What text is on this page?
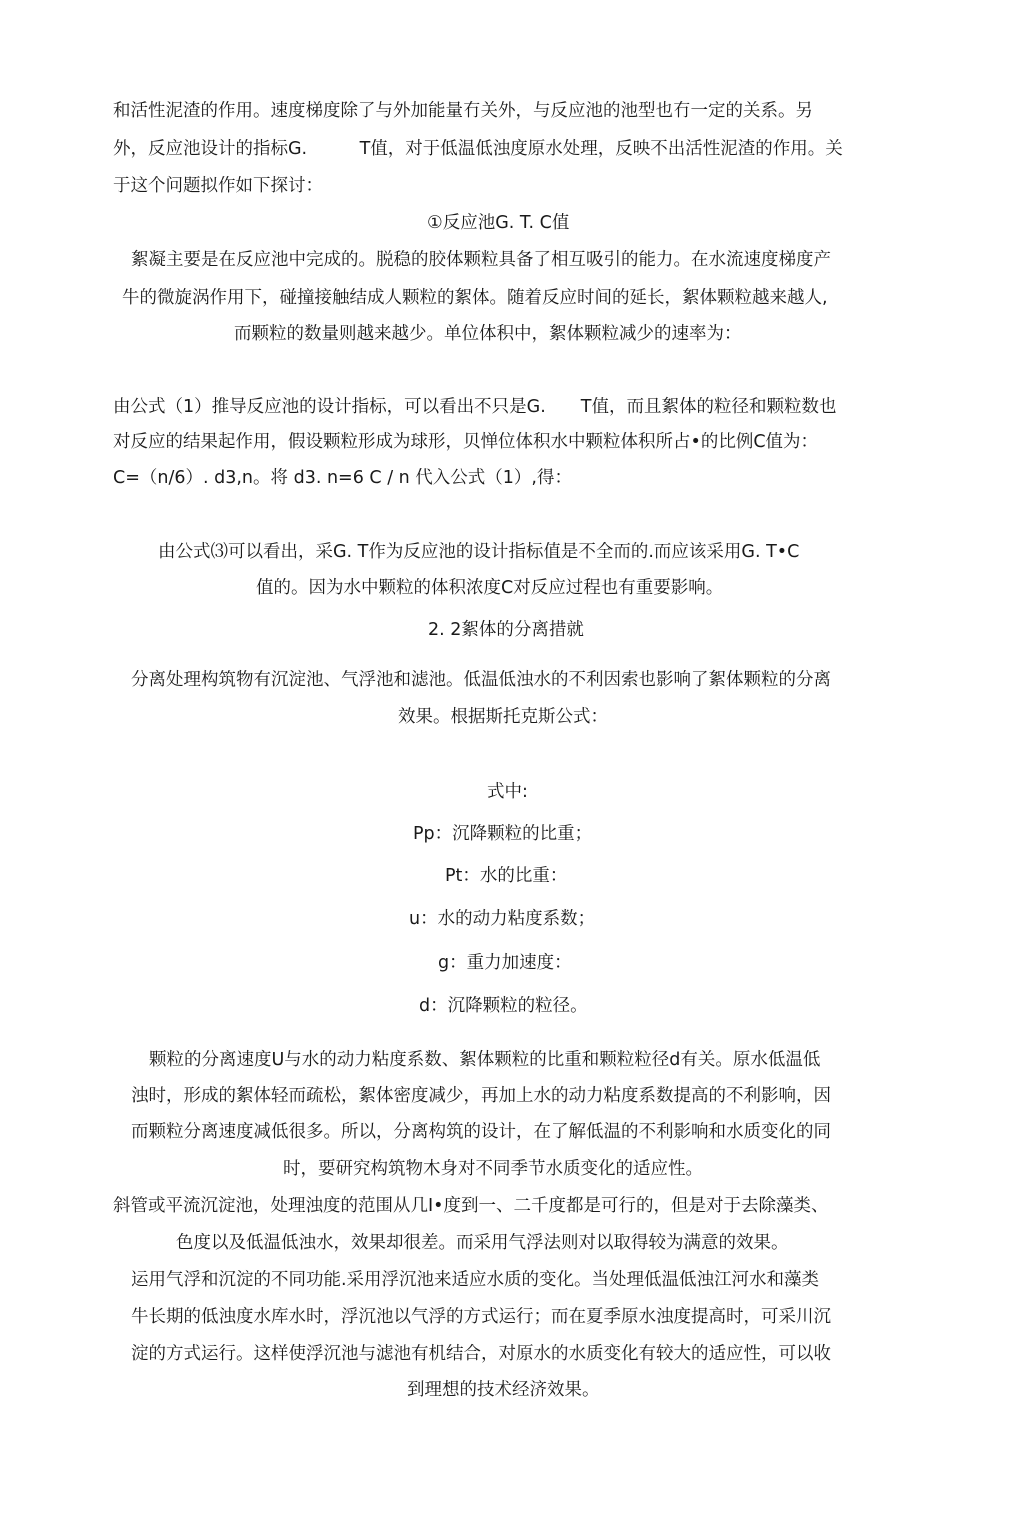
和活性泥渣的作用。速度梯度除了与外加能量冇关外，与反应池的池型也冇一定的关系。另
外，反应池设计的指标G.　　　T值，对于低温低浊度原水处理，反映不出活性泥渣的作用。关
于这个问题拟作如下探讨：
①反应池G. T. C值
絮凝主要是在反应池中完成的。脱稳的胶体颗粒具备了相互吸引的能力。在水流速度梯度产
牛的微旋涡作用下，碰撞接触结成人颗粒的絮体。随着反应时间的延长，絮体颗粒越来越人,
而颗粒的数量则越来越少。单位体积中，絮体颗粒减少的速率为：
由公式（1）推导反应池的设计指标，可以看出不只是G.　　T值，而且絮体的粒径和颗粒数也
对反应的结果起作用，假设颗粒形成为球形，贝惮位体积水中颗粒体积所占•的比例C值为：
C=（n/6）. d3,n。将 d3. n=6 C / n 代入公式（1）,得：
由公式⑶可以看出，采G. T作为反应池的设计指标值是不全而的.而应该采用G. T•C
值的。因为水中颗粒的体积浓度C对反应过程也有重要影响。
2. 2絮体的分离措就
分离处理构筑物有沉淀池、气浮池和滤池。低温低浊水的不利因索也影响了絮体颗粒的分离
效果。根据斯托克斯公式：
式中:
Pp：沉降颗粒的比重；
Pt：水的比重：
u：水的动力粘度系数；
g：重力加速度：
d：沉降颗粒的粒径。
颗粒的分离速度U与水的动力粘度系数、絮体颗粒的比重和颗粒粒径d有关。原水低温低
浊时，形成的絮体轻而疏松，絮体密度减少，再加上水的动力粘度系数提高的不利影响，因
而颗粒分离速度减低很多。所以，分离构筑的设计，在了解低温的不利影响和水质变化的同
时，要研究构筑物木身对不同季节水质变化的适应性。
斜管或平流沉淀池，处理浊度的范围从几I•度到一、二千度都是可行的，但是对于去除藻类、
色度以及低温低浊水，效果却很差。而采用气浮法则对以取得较为满意的效果。
运用气浮和沉淀的不同功能.采用浮沉池来适应水质的变化。当处理低温低浊江河水和藻类
牛长期的低浊度水库水时，浮沉池以气浮的方式运行；而在夏季原水浊度提高时，可采川沉
淀的方式运行。这样使浮沉池与滤池有机结合，对原水的水质变化有较大的适应性，可以收
到理想的技术经济效果。
